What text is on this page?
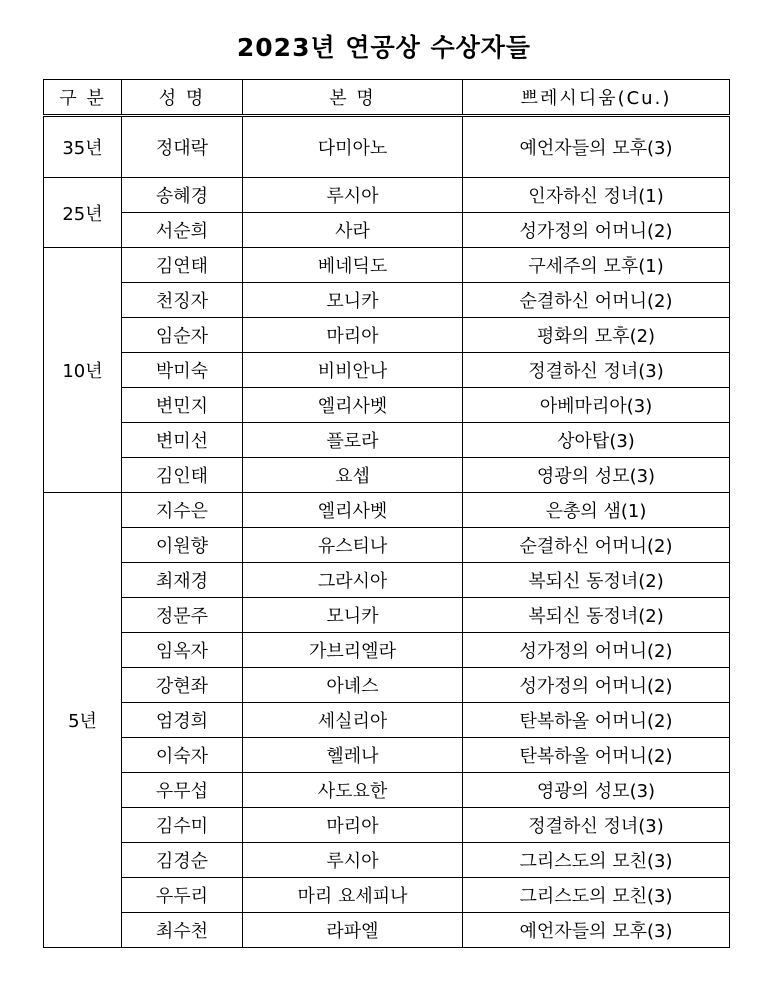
2023년 연공상 수상자들
구 분	성 명	본 명	쁘레시디움(Cu.)
35년	정대락	다미아노	예언자들의 모후(3)
25년	송혜경	루시아	인자하신 정녀(1)
	서순희	사라	성가정의 어머니(2)
10년	김연태	베네딕도	구세주의 모후(1)
	천징자	모니카	순결하신 어머니(2)
	임순자	마리아	평화의 모후(2)
	박미숙	비비안나	정결하신 정녀(3)
	변민지	엘리사벳	아베마리아(3)
	변미선	플로라	상아탑(3)
	김인태	요셉	영광의 성모(3)
5년	지수은	엘리사벳	은총의 샘(1)
	이원향	유스티나	순결하신 어머니(2)
	최재경	그라시아	복되신 동정녀(2)
	정문주	모니카	복되신 동정녀(2)
	임옥자	가브리엘라	성가정의 어머니(2)
	강현좌	아녜스	성가정의 어머니(2)
	엄경희	세실리아	탄복하올 어머니(2)
	이숙자	헬레나	탄복하올 어머니(2)
	우무섭	사도요한	영광의 성모(3)
	김수미	마리아	정결하신 정녀(3)
	김경순	루시아	그리스도의 모친(3)
	우두리	마리 요세피나	그리스도의 모친(3)
	최수천	라파엘	예언자들의 모후(3)
